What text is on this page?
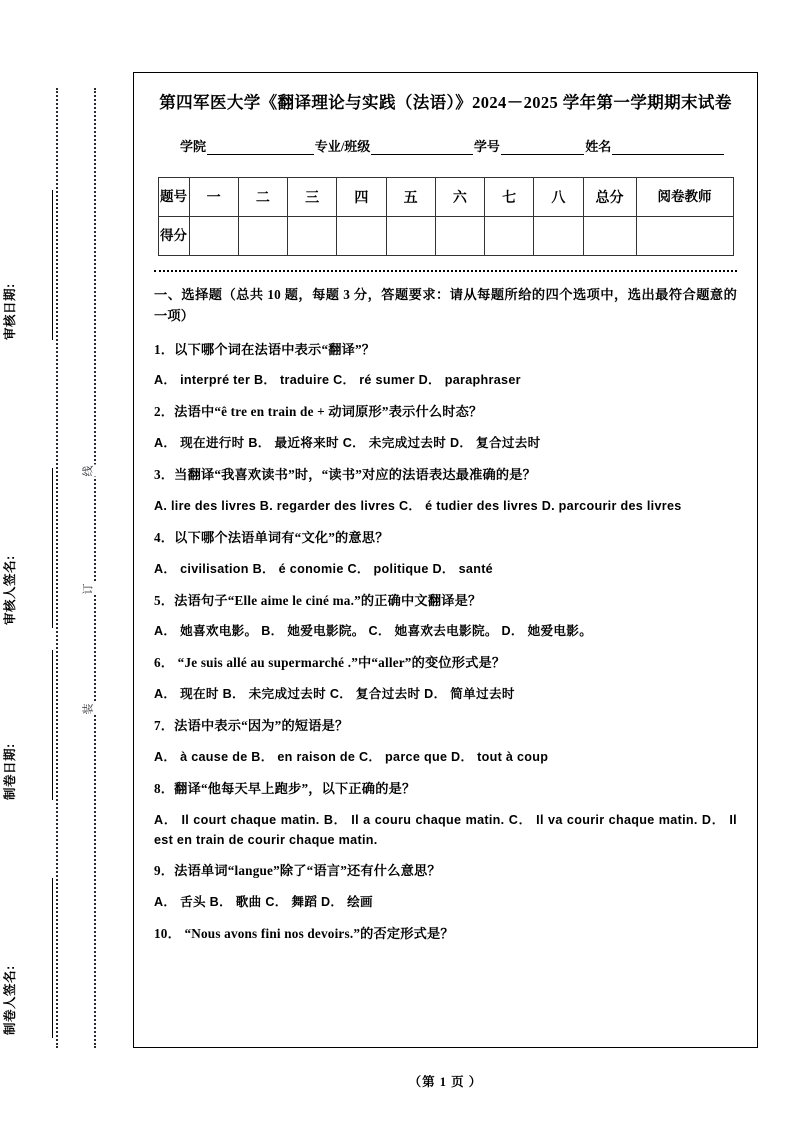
线
订
装
审核日期:
审核人签名:
制卷日期:
制卷人签名:
第四军医大学《翻译理论与实践（法语）》2024－2025 学年第一学期期末试卷
学院	专业/班级	学号	姓名
题号	一	二	三	四	五	六	七	八	总分	阅卷教师
得分										

一、选择题（总共 10 题，每题 3 分，答题要求：请从每题所给的四个选项中，选出最符合题意的一项）

1．以下哪个词在法语中表示“翻译”？

A． interpré ter B． traduire C． ré sumer D． paraphraser

2．法语中“ê tre en train de + 动词原形”表示什么时态？

A． 现在进行时 B． 最近将来时 C． 未完成过去时 D． 复合过去时

3．当翻译“我喜欢读书”时，“读书”对应的法语表达最准确的是？

A. lire des livres B. regarder des livres C． é tudier des livres D. parcourir des livres

4．以下哪个法语单词有“文化”的意思？

A． civilisation B． é conomie C． politique D． santé

5．法语句子“Elle aime le ciné ma.”的正确中文翻译是？

A． 她喜欢电影。 B． 她爱电影院。 C． 她喜欢去电影院。 D． 她爱电影。

6． “Je suis allé au supermarché .”中“aller”的变位形式是？

A． 现在时 B． 未完成过去时 C． 复合过去时 D． 简单过去时

7．法语中表示“因为”的短语是？

A． à cause de B． en raison de C． parce que D． tout à coup

8．翻译“他每天早上跑步”，以下正确的是？

A． Il court chaque matin. B． Il a couru chaque matin. C． Il va courir chaque matin. D． Il est en train de courir chaque matin.

9．法语单词“langue”除了“语言”还有什么意思？

A． 舌头 B． 歌曲 C． 舞蹈 D． 绘画

10． “Nous avons fini nos devoirs.”的否定形式是？

（第 1 页 ）
